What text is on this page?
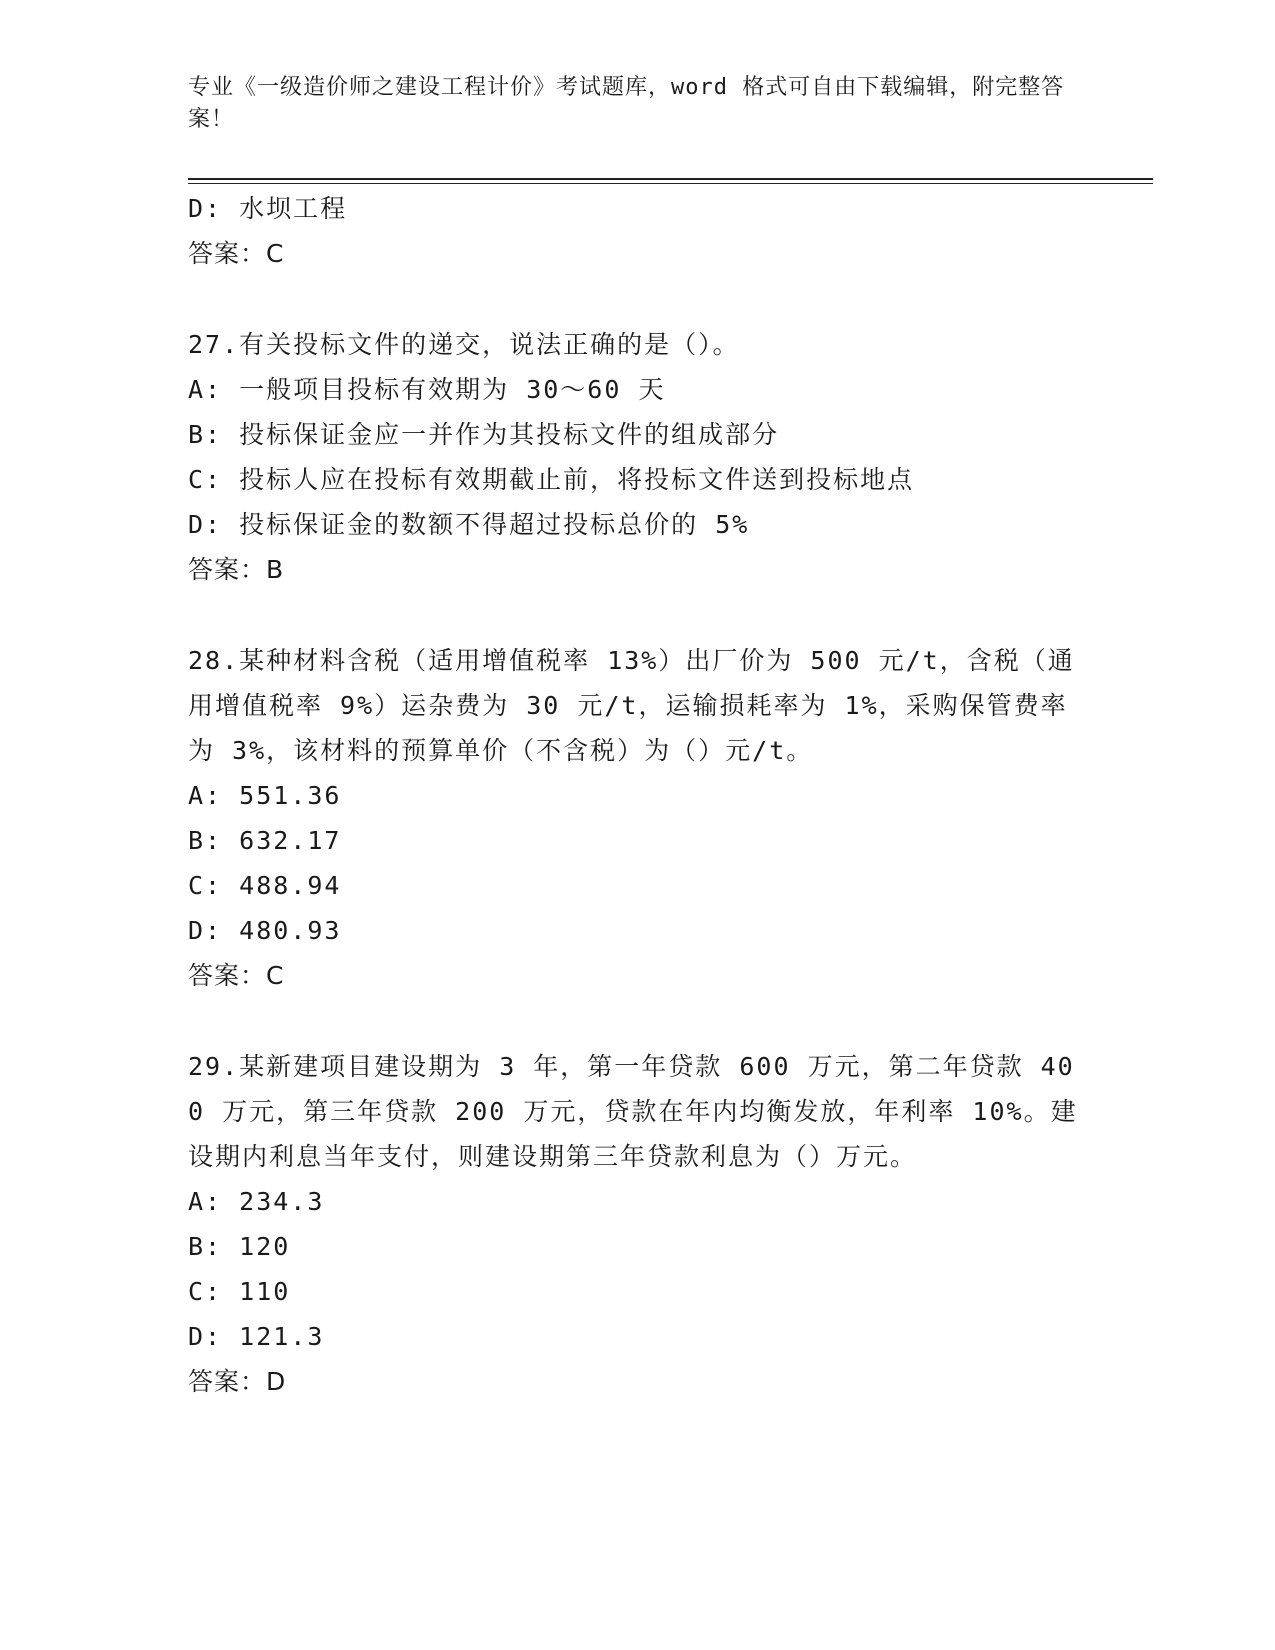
专业《一级造价师之建设工程计价》考试题库，word 格式可自由下载编辑，附完整答案！
D: 水坝工程
答案：C
27.有关投标文件的递交，说法正确的是（）。
A: 一般项目投标有效期为 30～60 天
B: 投标保证金应一并作为其投标文件的组成部分
C: 投标人应在投标有效期截止前，将投标文件送到投标地点
D: 投标保证金的数额不得超过投标总价的 5%
答案：B
28.某种材料含税（适用增值税率 13%）出厂价为 500 元/t，含税（通用增值税率 9%）运杂费为 30 元/t，运输损耗率为 1%，采购保管费率为 3%，该材料的预算单价（不含税）为（）元/t。
A: 551.36
B: 632.17
C: 488.94
D: 480.93
答案：C
29.某新建项目建设期为 3 年，第一年贷款 600 万元，第二年贷款 400 万元，第三年贷款 200 万元，贷款在年内均衡发放，年利率 10%。建设期内利息当年支付，则建设期第三年贷款利息为（）万元。
A: 234.3
B: 120
C: 110
D: 121.3
答案：D
